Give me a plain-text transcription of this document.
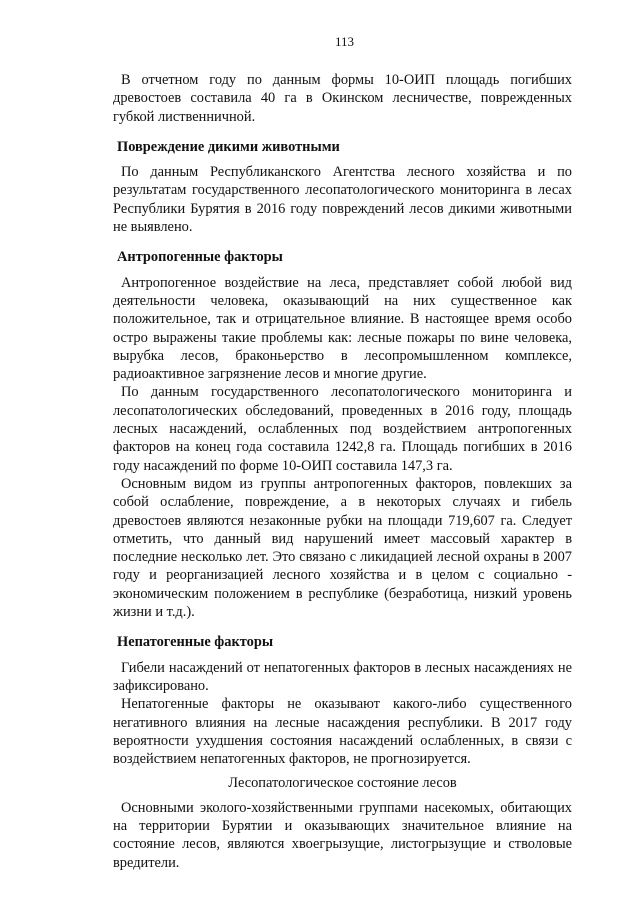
113

В отчетном году по данным формы 10-ОИП площадь погибших древостоев составила 40 га в Окинском лесничестве, поврежденных губкой лиственничной.

Повреждение дикими животными

По данным Республиканского Агентства лесного хозяйства и по результатам государственного лесопатологического мониторинга в лесах Республики Бурятия в 2016 году повреждений лесов дикими животными не выявлено.

Антропогенные факторы

Антропогенное воздействие на леса, представляет собой любой вид деятельности человека, оказывающий на них существенное как положительное, так и отрицательное влияние. В настоящее время особо остро выражены такие проблемы как: лесные пожары по вине человека, вырубка лесов, браконьерство в лесопромышленном комплексе, радиоактивное загрязнение лесов и многие другие.

По данным государственного лесопатологического мониторинга и лесопатологических обследований, проведенных в 2016 году, площадь лесных насаждений, ослабленных под воздействием антропогенных факторов на конец года составила 1242,8 га. Площадь погибших в 2016 году насаждений по форме 10-ОИП составила 147,3 га.

Основным видом из группы антропогенных факторов, повлекших за собой ослабление, повреждение, а в некоторых случаях и гибель древостоев являются незаконные рубки на площади 719,607 га. Следует отметить, что данный вид нарушений имеет массовый характер в последние несколько лет. Это связано с ликидацией лесной охраны в 2007 году и реорганизацией лесного хозяйства и в целом с социально - экономическим положением в республике (безработица, низкий уровень жизни и т.д.).

Непатогенные факторы

Гибели насаждений от непатогенных факторов в лесных насаждениях не зафиксировано.

Непатогенные факторы не оказывают какого-либо существенного негативного влияния на лесные насаждения республики. В 2017 году вероятности ухудшения состояния насаждений ослабленных, в связи с воздействием непатогенных факторов, не прогнозируется.

Лесопатологическое состояние лесов

Основными эколого-хозяйственными группами насекомых, обитающих на территории Бурятии и оказывающих значительное влияние на состояние лесов, являются хвоегрызущие, листогрызущие и стволовые вредители.
